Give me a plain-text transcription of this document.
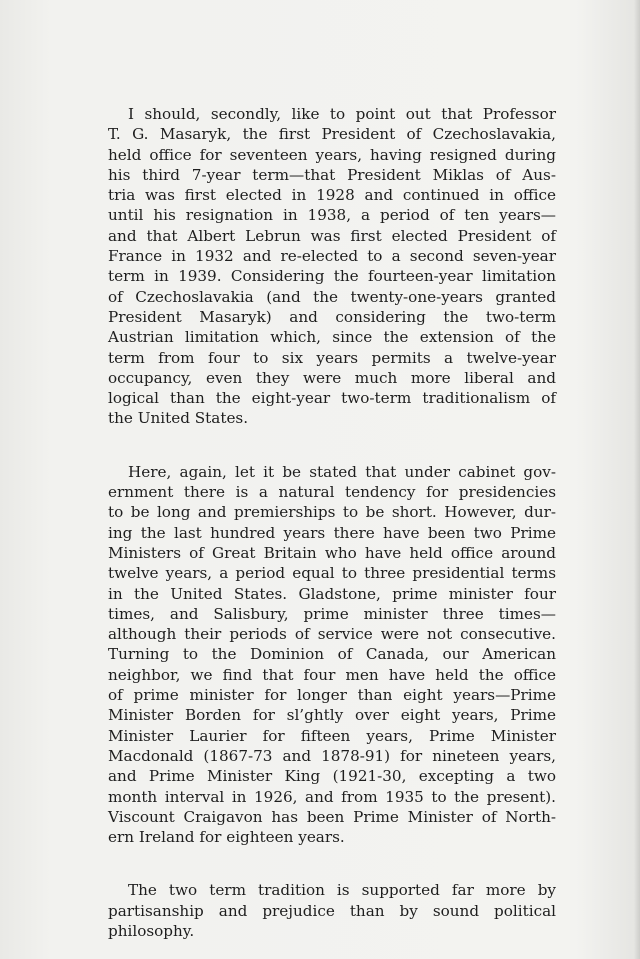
I should, secondly, like to point out that Professor
T. G. Masaryk, the first President of Czechoslavakia,
held office for seventeen years, having resigned during
his third 7-year term—that President Miklas of Aus-
tria was first elected in 1928 and continued in office
until his resignation in 1938, a period of ten years—
and that Albert Lebrun was first elected President of
France in 1932 and re-elected to a second seven-year
term in 1939. Considering the fourteen-year limitation
of Czechoslavakia (and the twenty-one-years granted
President Masaryk) and considering the two-term
Austrian limitation which, since the extension of the
term from four to six years permits a twelve-year
occupancy, even they were much more liberal and
logical than the eight-year two-term traditionalism of
the United States.

Here, again, let it be stated that under cabinet gov-
ernment there is a natural tendency for presidencies
to be long and premierships to be short. However, dur-
ing the last hundred years there have been two Prime
Ministers of Great Britain who have held office around
twelve years, a period equal to three presidential terms
in the United States. Gladstone, prime minister four
times, and Salisbury, prime minister three times—
although their periods of service were not consecutive.
Turning to the Dominion of Canada, our American
neighbor, we find that four men have held the office
of prime minister for longer than eight years—Prime
Minister Borden for sl’ghtly over eight years, Prime
Minister Laurier for fifteen years, Prime Minister
Macdonald (1867-73 and 1878-91) for nineteen years,
and Prime Minister King (1921-30, excepting a two
month interval in 1926, and from 1935 to the present).
Viscount Craigavon has been Prime Minister of North-
ern Ireland for eighteen years.

The two term tradition is supported far more by
partisanship and prejudice than by sound political
philosophy.
